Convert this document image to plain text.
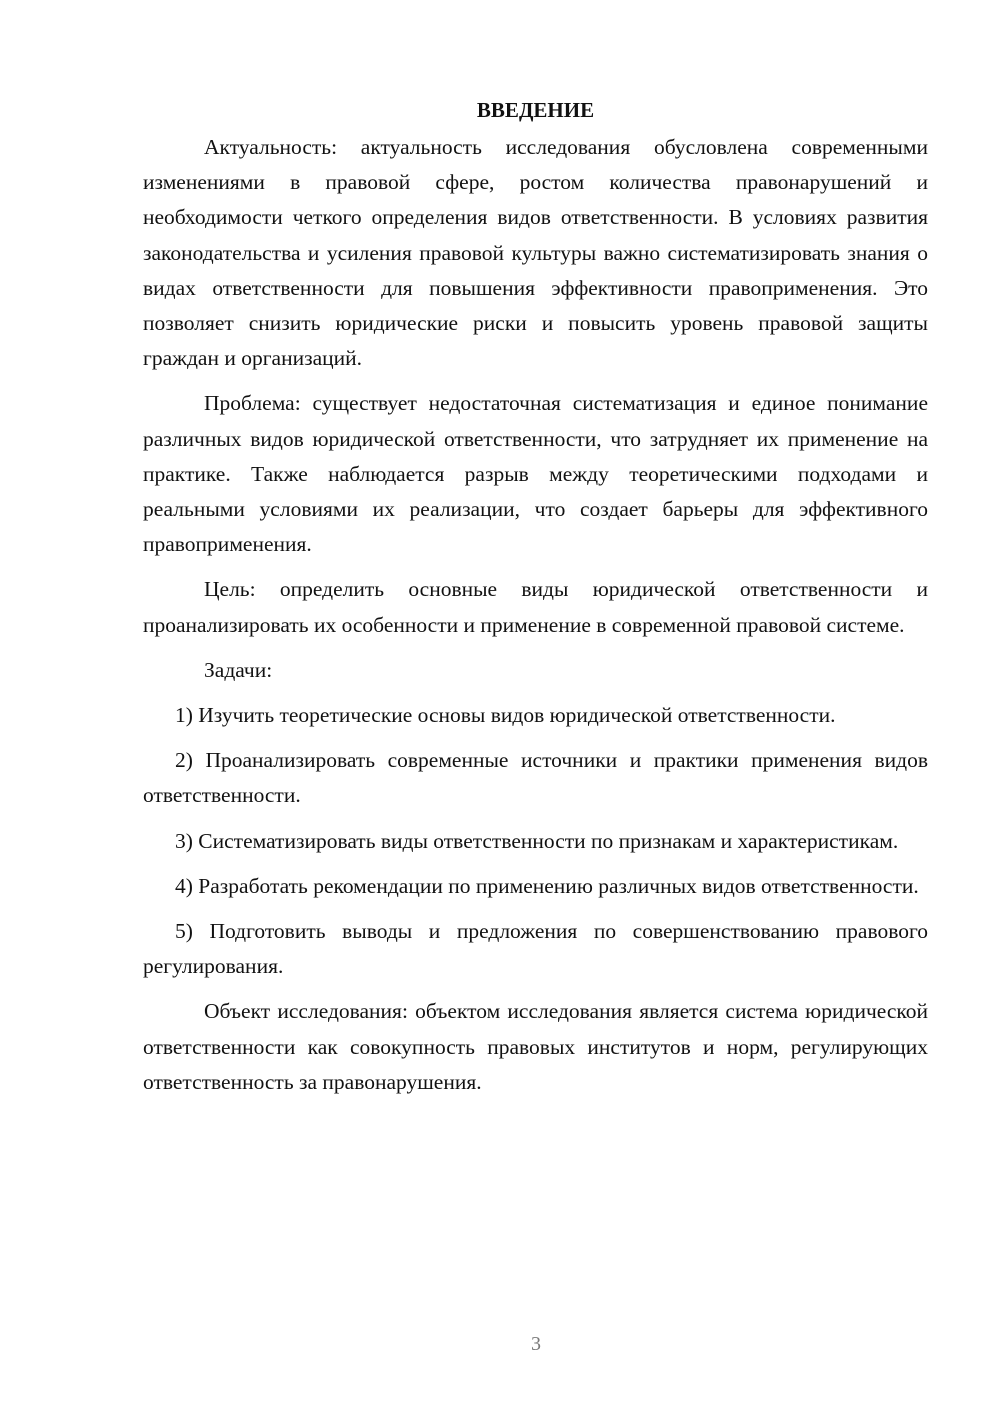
ВВЕДЕНИЕ

Актуальность: актуальность исследования обусловлена современными изменениями в правовой сфере, ростом количества правонарушений и необходимости четкого определения видов ответственности. В условиях развития законодательства и усиления правовой культуры важно систематизировать знания о видах ответственности для повышения эффективности правоприменения. Это позволяет снизить юридические риски и повысить уровень правовой защиты граждан и организаций.

Проблема: существует недостаточная систематизация и единое понимание различных видов юридической ответственности, что затрудняет их применение на практике. Также наблюдается разрыв между теоретическими подходами и реальными условиями их реализации, что создает барьеры для эффективного правоприменения.

Цель: определить основные виды юридической ответственности и проанализировать их особенности и применение в современной правовой системе.

Задачи:

1) Изучить теоретические основы видов юридической ответственности.

2) Проанализировать современные источники и практики применения видов ответственности.

3) Систематизировать виды ответственности по признакам и характеристикам.

4) Разработать рекомендации по применению различных видов ответственности.

5) Подготовить выводы и предложения по совершенствованию правового регулирования.

Объект исследования: объектом исследования является система юридической ответственности как совокупность правовых институтов и норм, регулирующих ответственность за правонарушения.

3
